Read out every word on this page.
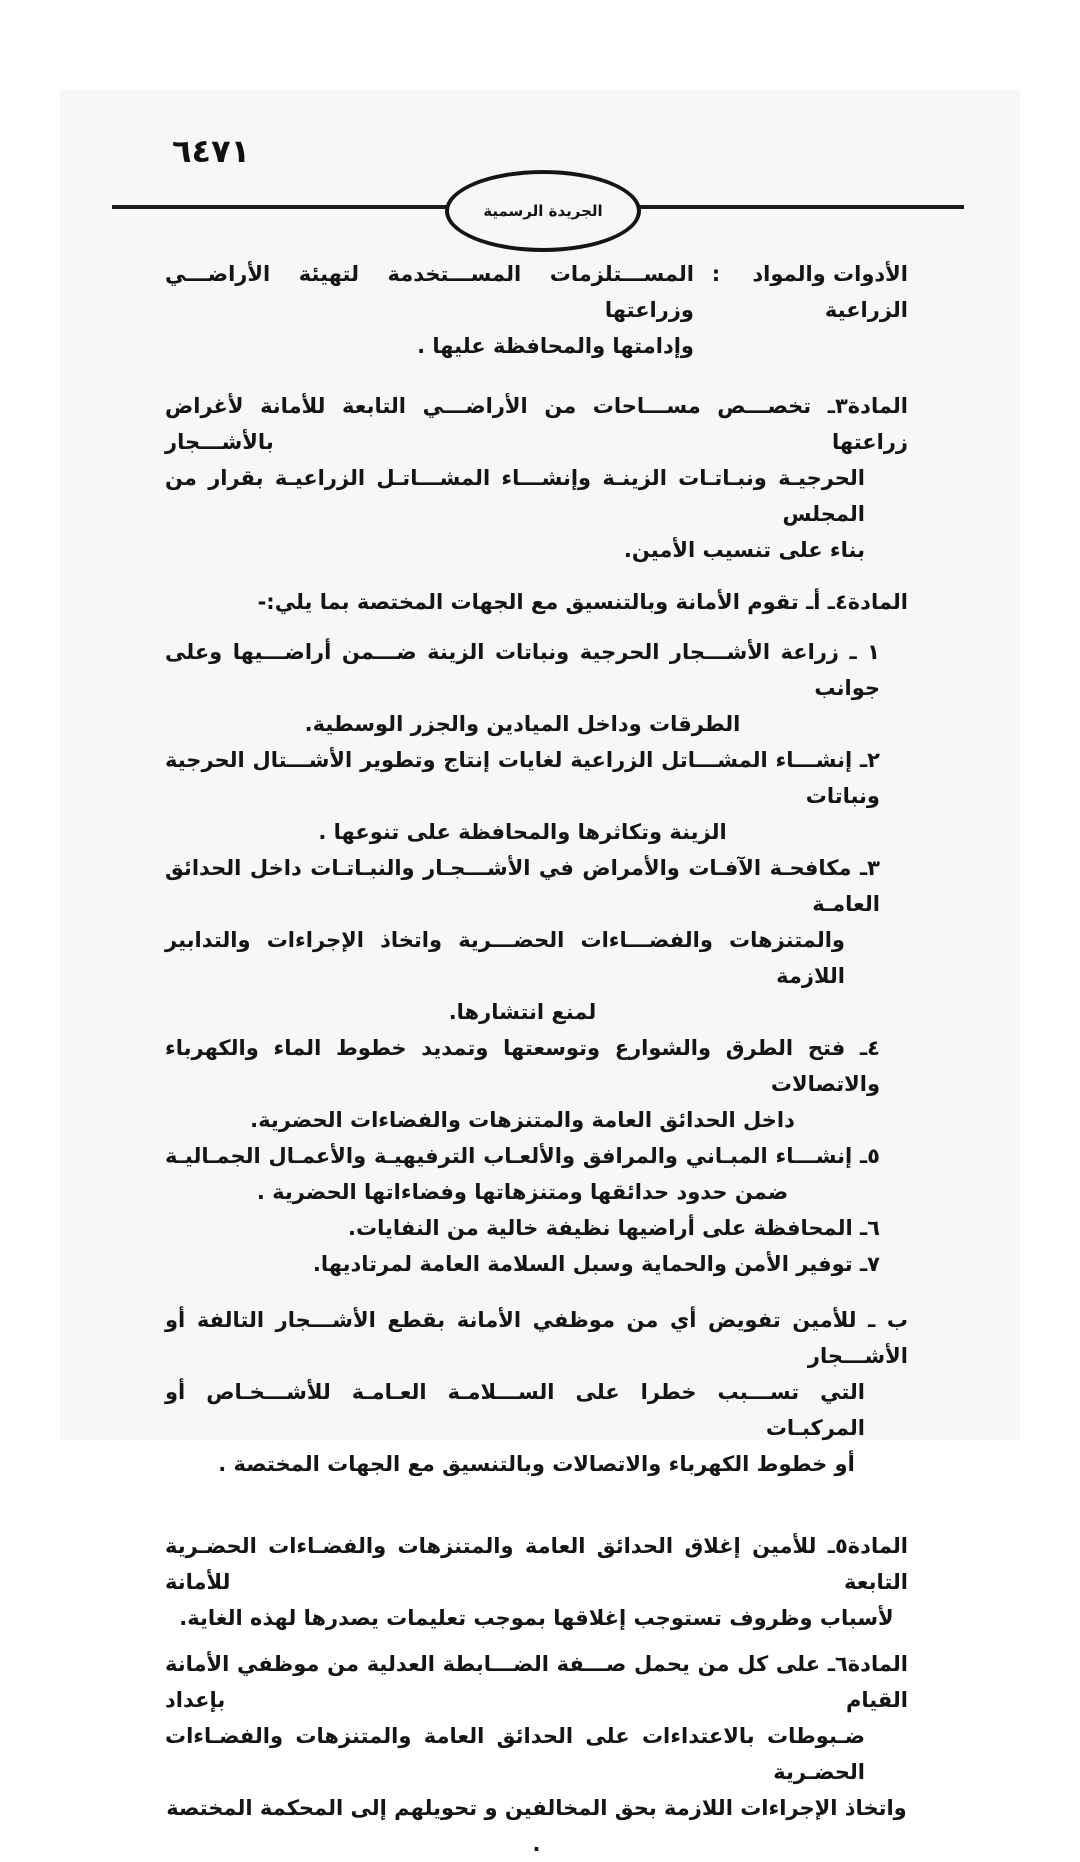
٦٤٧١
الجريدة الرسمية
الأدوات والمواد
الزراعية
:
المســـتلزمات المســـتخدمة لتهيئة الأراضـــي وزراعتها
وإدامتها والمحافظة عليها .
المادة٣ـ تخصـــص مســـاحات من الأراضـــي التابعة للأمانة لأغراض زراعتها بالأشـــجار
الحرجيـة ونبـاتـات الزينـة وإنشـــاء المشـــاتـل الزراعيـة بقرار من المجلس
بناء على تنسيب الأمين.
المادة٤ـ أـ تقوم الأمانة وبالتنسيق مع الجهات المختصة بما يلي:-
١ ـ زراعة الأشـــجار الحرجية ونباتات الزينة ضـــمن أراضـــيها وعلى جوانب
الطرقات وداخل الميادين والجزر الوسطية.
٢ـ إنشـــاء المشـــاتل الزراعية لغايات إنتاج وتطوير الأشـــتال الحرجية ونباتات
الزينة وتكاثرها والمحافظة على تنوعها .
٣ـ مكافحـة الآفـات والأمراض في الأشـــجـار والنبـاتـات داخل الحدائق العامـة
والمتنزهات والفضـــاءات الحضـــرية واتخاذ الإجراءات والتدابير اللازمة
لمنع انتشارها.
٤ـ فتح الطرق والشوارع وتوسعتها وتمديد خطوط الماء والكهرباء والاتصالات
داخل الحدائق العامة والمتنزهات والفضاءات الحضرية.
٥ـ إنشـــاء المبـاني والمرافق والألعـاب الترفيهيـة والأعمـال الجمـاليـة
ضمن حدود حدائقها ومتنزهاتها وفضاءاتها الحضرية .
٦ـ المحافظة على أراضيها نظيفة خالية من النفايات.
٧ـ توفير الأمن والحماية وسبل السلامة العامة لمرتاديها.
ب ـ للأمين تفويض أي من موظفي الأمانة بقطع الأشـــجار التالفة أو الأشـــجار
التي تســـبب خطرا على الســـلامـة العـامـة للأشـــخـاص أو المركبـات
أو خطوط الكهرباء والاتصالات وبالتنسيق مع الجهات المختصة .
المادة٥ـ للأمين إغلاق الحدائق العامة والمتنزهات والفضـاءات الحضـرية التابعة للأمانة
لأسباب وظروف تستوجب إغلاقها بموجب تعليمات يصدرها لهذه الغاية.
المادة٦ـ على كل من يحمل صـــفة الضـــابطة العدلية من موظفي الأمانة القيام بإعداد
ضـبوطات بالاعتداءات على الحدائق العامة والمتنزهات والفضـاءات الحضـرية
واتخاذ الإجراءات اللازمة بحق المخالفين و تحويلهم إلى المحكمة المختصة .
